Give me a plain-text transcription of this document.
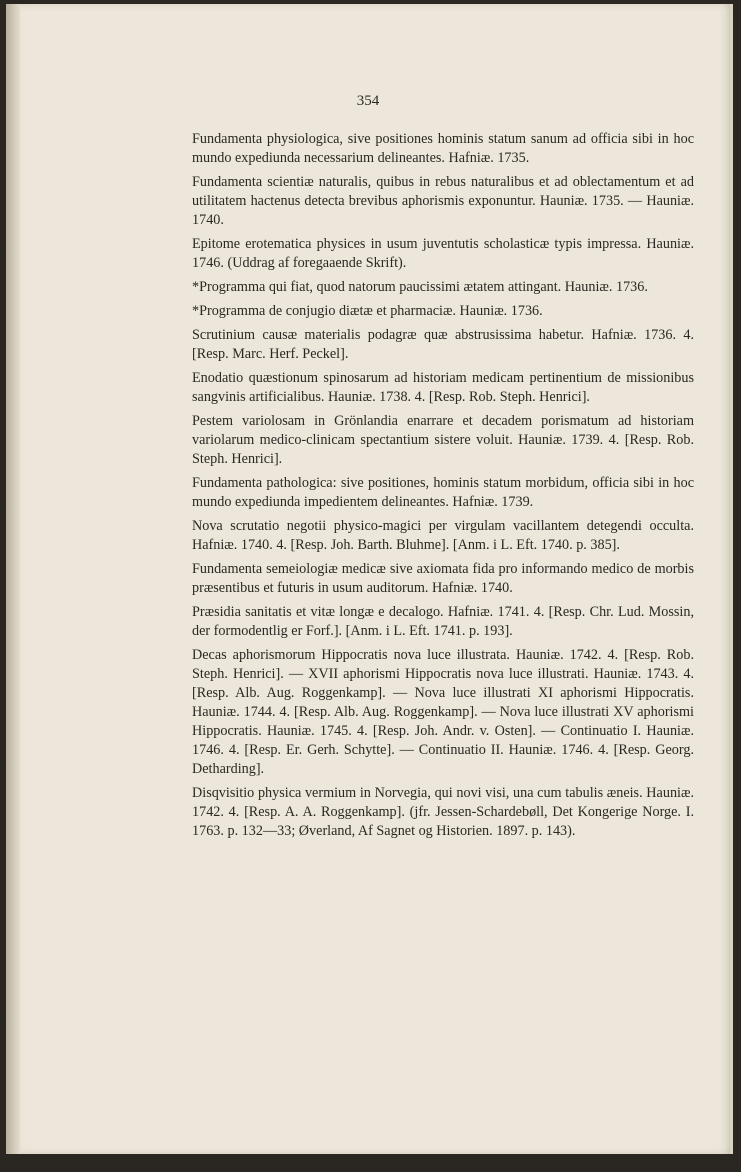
354

Fundamenta physiologica, sive positiones hominis statum sanum ad officia sibi in hoc mundo expediunda necessarium delineantes. Hafniæ. 1735.

Fundamenta scientiæ naturalis, quibus in rebus naturalibus et ad oblectamentum et ad utilitatem hactenus detecta brevibus aphorismis exponuntur. Hauniæ. 1735. — Hauniæ. 1740.

Epitome erotematica physices in usum juventutis scholasticæ typis impressa. Hauniæ. 1746. (Uddrag af foregaaende Skrift).

*Programma qui fiat, quod natorum paucissimi ætatem attingant. Hauniæ. 1736.

*Programma de conjugio diætæ et pharmaciæ. Hauniæ. 1736.

Scrutinium causæ materialis podagræ quæ abstrusissima habetur. Hafniæ. 1736. 4. [Resp. Marc. Herf. Peckel].

Enodatio quæstionum spinosarum ad historiam medicam pertinentium de missionibus sangvinis artificialibus. Hauniæ. 1738. 4. [Resp. Rob. Steph. Henrici].

Pestem variolosam in Grönlandia enarrare et decadem porismatum ad historiam variolarum medico-clinicam spectantium sistere voluit. Hauniæ. 1739. 4. [Resp. Rob. Steph. Henrici].

Fundamenta pathologica: sive positiones, hominis statum morbidum, officia sibi in hoc mundo expediunda impedientem delineantes. Hafniæ. 1739.

Nova scrutatio negotii physico-magici per virgulam vacillantem detegendi occulta. Hafniæ. 1740. 4. [Resp. Joh. Barth. Bluhme]. [Anm. i L. Eft. 1740. p. 385].

Fundamenta semeiologiæ medicæ sive axiomata fida pro informando medico de morbis præsentibus et futuris in usum auditorum. Hafniæ. 1740.

Præsidia sanitatis et vitæ longæ e decalogo. Hafniæ. 1741. 4. [Resp. Chr. Lud. Mossin, der formodentlig er Forf.]. [Anm. i L. Eft. 1741. p. 193].

Decas aphorismorum Hippocratis nova luce illustrata. Hauniæ. 1742. 4. [Resp. Rob. Steph. Henrici]. — XVII aphorismi Hippocratis nova luce illustrati. Hauniæ. 1743. 4. [Resp. Alb. Aug. Roggenkamp]. — Nova luce illustrati XI aphorismi Hippocratis. Hauniæ. 1744. 4. [Resp. Alb. Aug. Roggenkamp]. — Nova luce illustrati XV aphorismi Hippocratis. Hauniæ. 1745. 4. [Resp. Joh. Andr. v. Osten]. — Continuatio I. Hauniæ. 1746. 4. [Resp. Er. Gerh. Schytte]. — Continuatio II. Hauniæ. 1746. 4. [Resp. Georg. Detharding].

Disqvisitio physica vermium in Norvegia, qui novi visi, una cum tabulis æneis. Hauniæ. 1742. 4. [Resp. A. A. Roggenkamp]. (jfr. Jessen-Schardebøll, Det Kongerige Norge. I. 1763. p. 132—33; Øverland, Af Sagnet og Historien. 1897. p. 143).
